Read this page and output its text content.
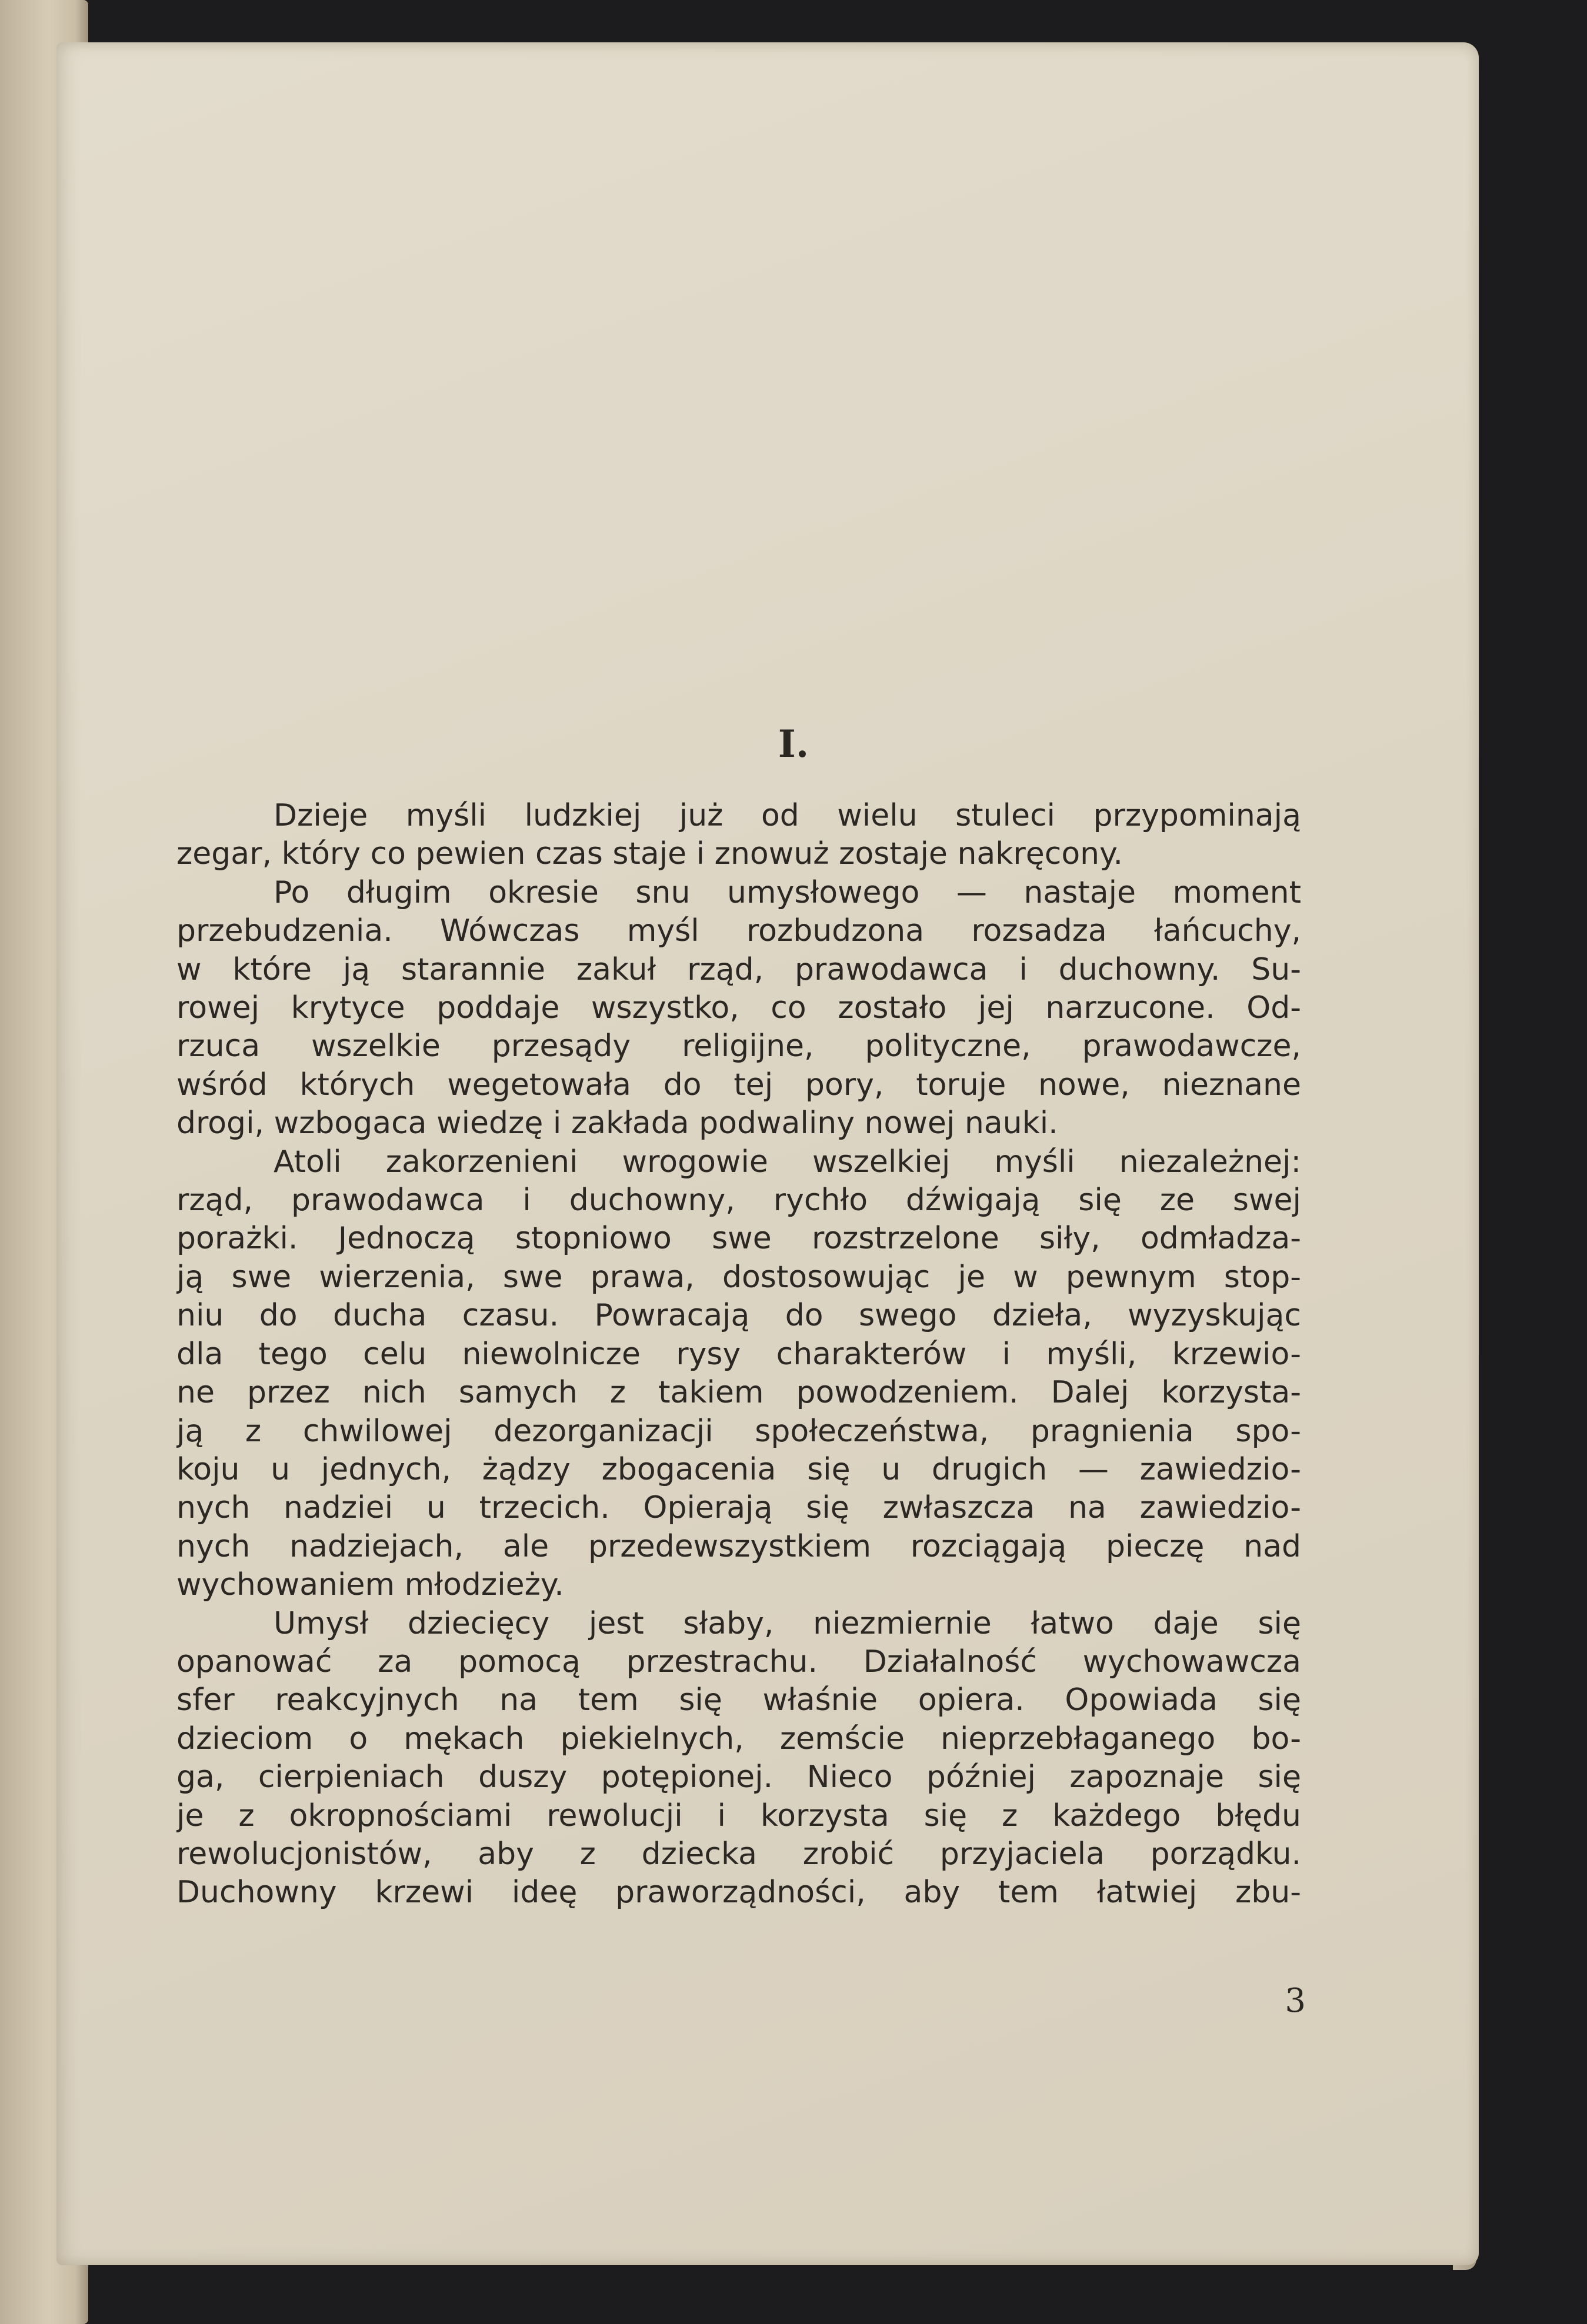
I.
Dzieje myśli ludzkiej już od wielu stuleci przypominają
zegar, który co pewien czas staje i znowuż zostaje nakręcony.
Po długim okresie snu umysłowego — nastaje moment
przebudzenia. Wówczas myśl rozbudzona rozsadza łańcuchy,
w które ją starannie zakuł rząd, prawodawca i duchowny. Su-
rowej krytyce poddaje wszystko, co zostało jej narzucone. Od-
rzuca wszelkie przesądy religijne, polityczne, prawodawcze,
wśród których wegetowała do tej pory, toruje nowe, nieznane
drogi, wzbogaca wiedzę i zakłada podwaliny nowej nauki.
Atoli zakorzenieni wrogowie wszelkiej myśli niezależnej:
rząd, prawodawca i duchowny, rychło dźwigają się ze swej
porażki. Jednoczą stopniowo swe rozstrzelone siły, odmładza-
ją swe wierzenia, swe prawa, dostosowując je w pewnym stop-
niu do ducha czasu. Powracają do swego dzieła, wyzyskując
dla tego celu niewolnicze rysy charakterów i myśli, krzewio-
ne przez nich samych z takiem powodzeniem. Dalej korzysta-
ją z chwilowej dezorganizacji społeczeństwa, pragnienia spo-
koju u jednych, żądzy zbogacenia się u drugich — zawiedzio-
nych nadziei u trzecich. Opierają się zwłaszcza na zawiedzio-
nych nadziejach, ale przedewszystkiem rozciągają pieczę nad
wychowaniem młodzieży.
Umysł dziecięcy jest słaby, niezmiernie łatwo daje się
opanować za pomocą przestrachu. Działalność wychowawcza
sfer reakcyjnych na tem się właśnie opiera. Opowiada się
dzieciom o mękach piekielnych, zemście nieprzebłaganego bo-
ga, cierpieniach duszy potępionej. Nieco później zapoznaje się
je z okropnościami rewolucji i korzysta się z każdego błędu
rewolucjonistów, aby z dziecka zrobić przyjaciela porządku.
Duchowny krzewi ideę praworządności, aby tem łatwiej zbu-

3
